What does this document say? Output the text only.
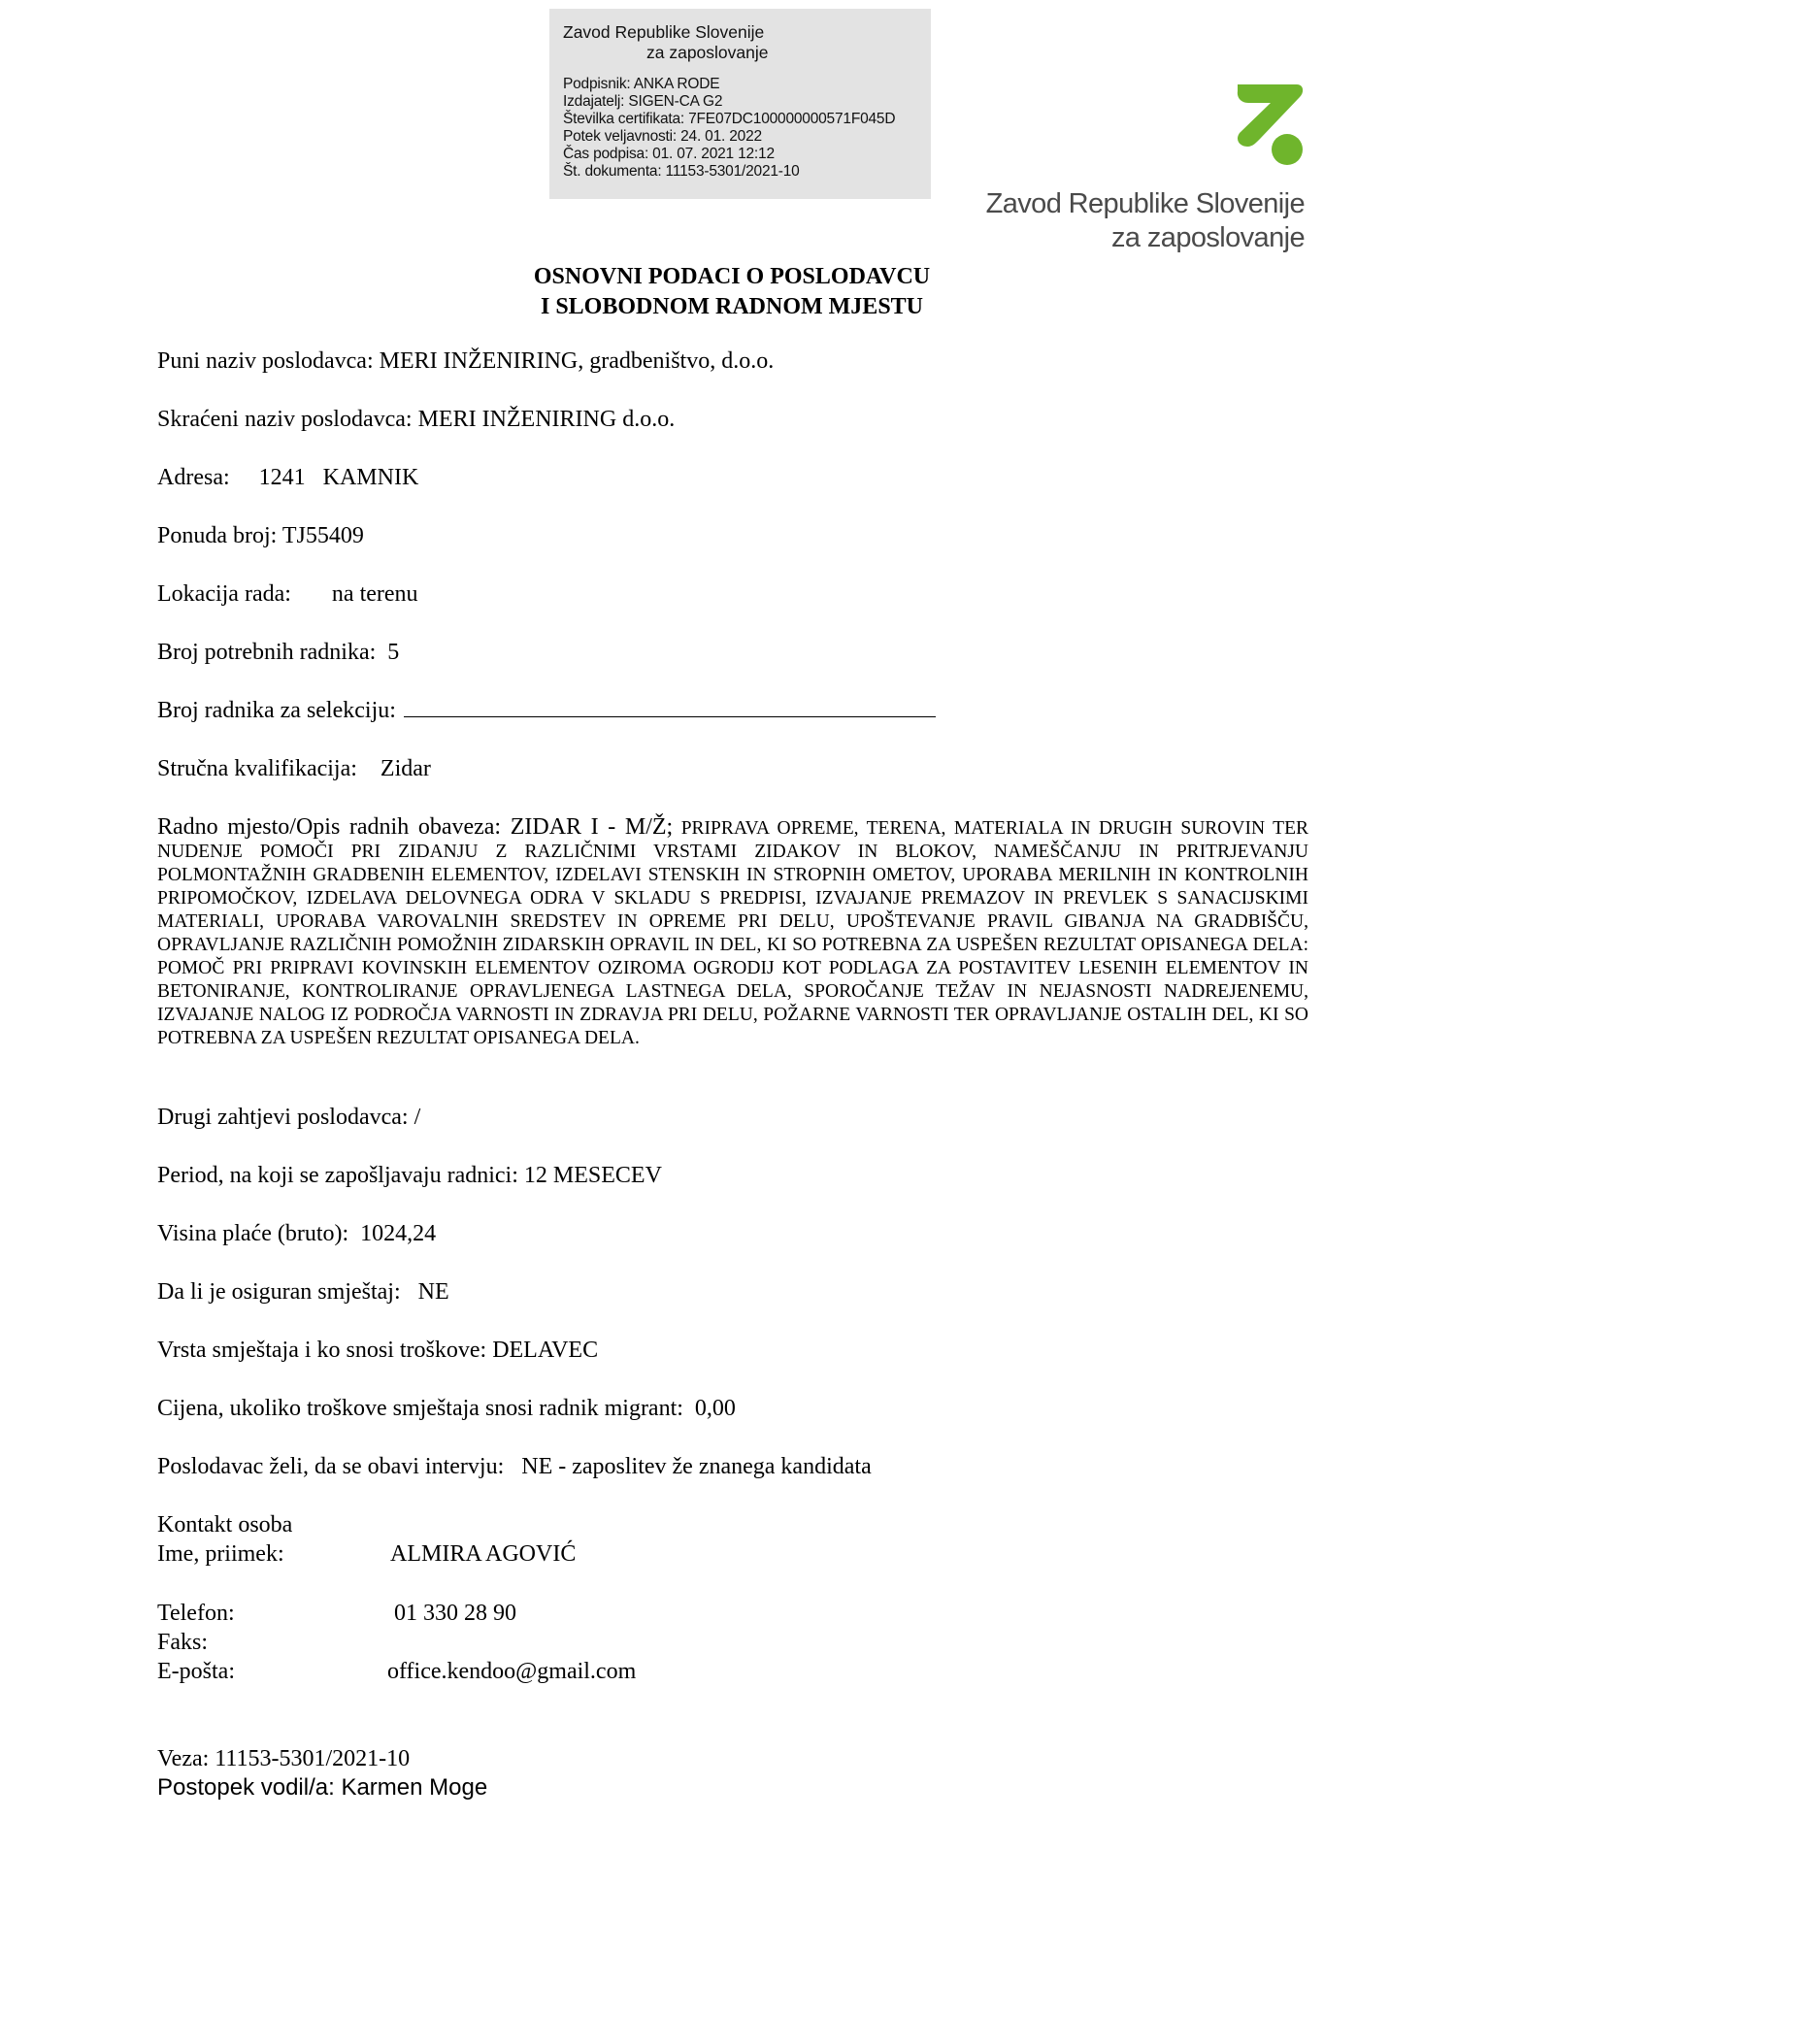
Zavod Republike Slovenije
za zaposlovanje
Podpisnik: ANKA RODE
Izdajatelj: SIGEN-CA G2
Številka certifikata: 7FE07DC100000000571F045D
Potek veljavnosti: 24. 01. 2022
Čas podpisa: 01. 07. 2021 12:12
Št. dokumenta: 11153-5301/2021-10
Zavod Republike Slovenije
za zaposlovanje
OSNOVNI PODACI O POSLODAVCU
I SLOBODNOM RADNOM MJESTU
Puni naziv poslodavca: MERI INŽENIRING, gradbeništvo, d.o.o.
Skraćeni naziv poslodavca: MERI INŽENIRING d.o.o.
Adresa:     1241   KAMNIK
Ponuda broj: TJ55409
Lokacija rada:       na terenu
Broj potrebnih radnika:  5
Broj radnika za selekciju:
Stručna kvalifikacija:    Zidar
Radno mjesto/Opis radnih obaveza: ZIDAR I - M/Ž; PRIPRAVA OPREME, TERENA, MATERIALA IN DRUGIH SUROVIN TER NUDENJE POMOČI PRI ZIDANJU Z RAZLIČNIMI VRSTAMI ZIDAKOV IN BLOKOV, NAMEŠČANJU IN PRITRJEVANJU POLMONTAŽNIH GRADBENIH ELEMENTOV, IZDELAVI STENSKIH IN STROPNIH OMETOV, UPORABA MERILNIH IN KONTROLNIH PRIPOMOČKOV, IZDELAVA DELOVNEGA ODRA V SKLADU S PREDPISI, IZVAJANJE PREMAZOV IN PREVLEK S SANACIJSKIMI MATERIALI, UPORABA VAROVALNIH SREDSTEV IN OPREME PRI DELU, UPOŠTEVANJE PRAVIL GIBANJA NA GRADBIŠČU, OPRAVLJANJE RAZLIČNIH POMOŽNIH ZIDARSKIH OPRAVIL IN DEL, KI SO POTREBNA ZA USPEŠEN REZULTAT OPISANEGA DELA: POMOČ PRI PRIPRAVI KOVINSKIH ELEMENTOV OZIROMA OGRODIJ KOT PODLAGA ZA POSTAVITEV LESENIH ELEMENTOV IN BETONIRANJE, KONTROLIRANJE OPRAVLJENEGA LASTNEGA DELA, SPOROČANJE TEŽAV IN NEJASNOSTI NADREJENEMU, IZVAJANJE NALOG IZ PODROČJA VARNOSTI IN ZDRAVJA PRI DELU, POŽARNE VARNOSTI TER OPRAVLJANJE OSTALIH DEL, KI SO POTREBNA ZA USPEŠEN REZULTAT OPISANEGA DELA.
Drugi zahtjevi poslodavca: /
Period, na koji se zapošljavaju radnici: 12 MESECEV
Visina plaće (bruto):  1024,24
Da li je osiguran smještaj:   NE
Vrsta smještaja i ko snosi troškove: DELAVEC
Cijena, ukoliko troškove smještaja snosi radnik migrant:  0,00
Poslodavac želi, da se obavi intervju:   NE - zaposlitev že znanega kandidata
Kontakt osoba
Ime, priimek:	ALMIRA AGOVIĆ
Telefon:	01 330 28 90
Faks:
E-pošta:	office.kendoo@gmail.com
Veza: 11153-5301/2021-10
Postopek vodil/a: Karmen Moge
